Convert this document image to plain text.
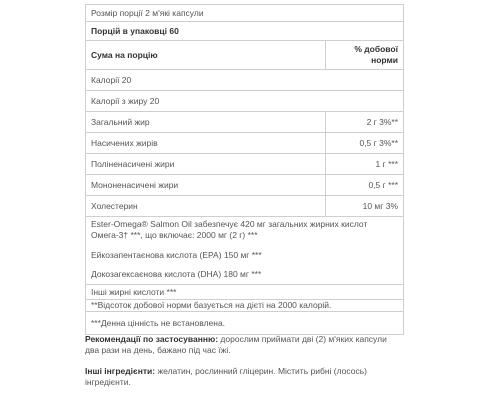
Розмір порції 2 м'які капсули	
Порцій в упаковці 60	
Сума на порцію	% добової
норми
Калорії 20	
Калорії з жиру 20	
Загальний жир	2 г 3%**
Насичених жирів	0,5 г 3%**
Поліненасичені жири	1 г ***
Мононенасичені жири	0,5 г ***
Холестерин	10 мг 3%

Ester-Omega® Salmon Oil забезпечує 420 мг загальних жирних кислот Омега-3† ***, що включає: 2000 мг (2 г) ***
Ейкозапентаєнова кислота (EPA) 150 мг ***
Докозагексаєнова кислота (DHA) 180 мг ***	

Інші жирні кислоти ***	

**Відсоток добової норми базується на дієті на 2000 калорій.	

***Денна цінність не встановлена.	
Рекомендації по застосуванню: дорослим приймати дві (2) м'яких капсули два рази на день, бажано під час їжі.
Інші інгредієнти: желатин, рослинний гліцерин. Містить рибні (лосось) інгредієнти.
